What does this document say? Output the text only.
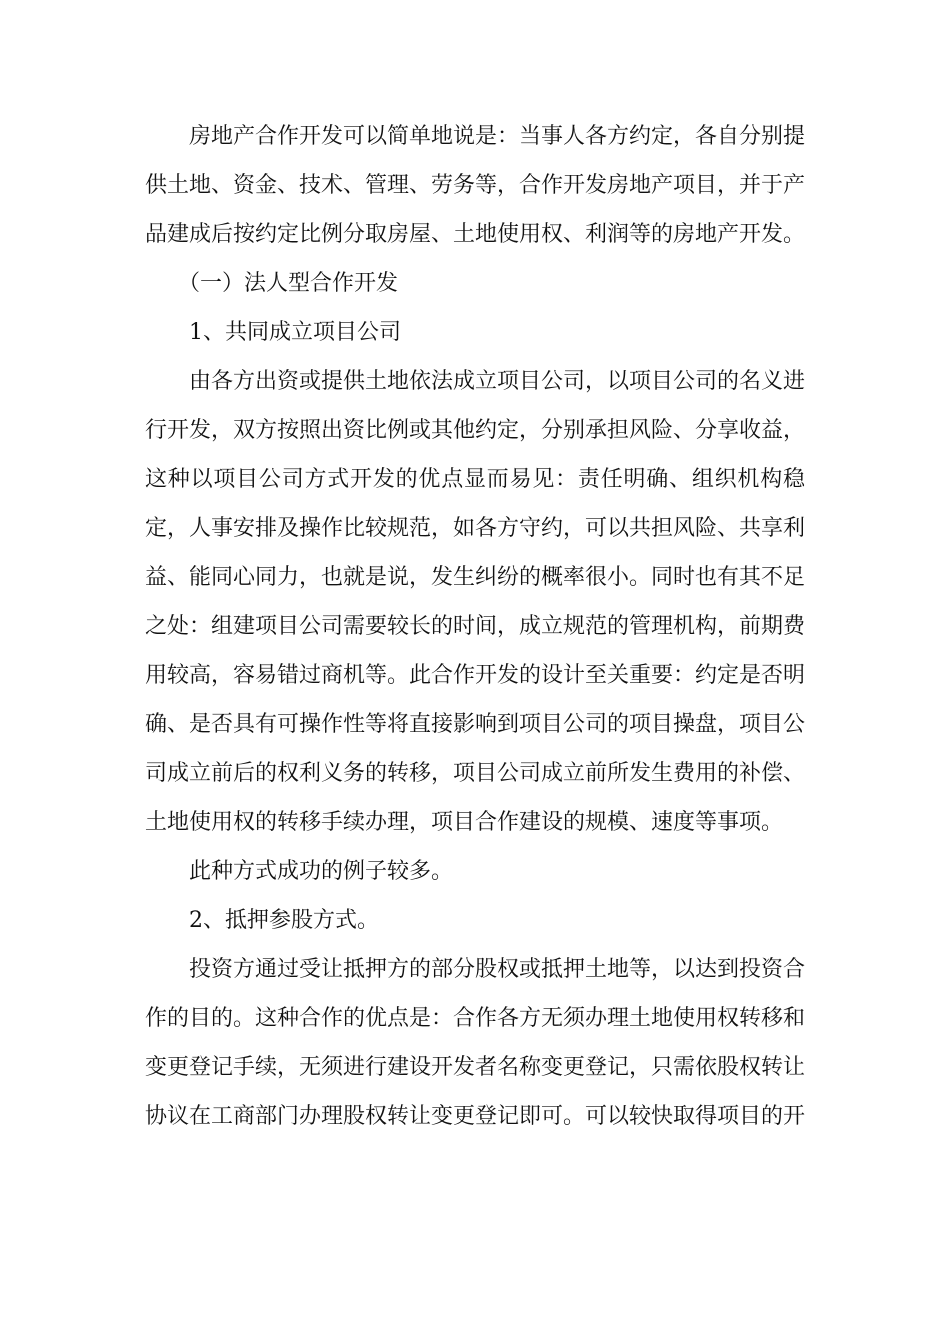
房地产合作开发可以简单地说是：当事人各方约定，各自分别提供土地、资金、技术、管理、劳务等，合作开发房地产项目，并于产品建成后按约定比例分取房屋、土地使用权、利润等的房地产开发。

（一）法人型合作开发

1、共同成立项目公司

由各方出资或提供土地依法成立项目公司，以项目公司的名义进行开发，双方按照出资比例或其他约定，分别承担风险、分享收益，这种以项目公司方式开发的优点显而易见：责任明确、组织机构稳定，人事安排及操作比较规范，如各方守约，可以共担风险、共享利益、能同心同力，也就是说，发生纠纷的概率很小。同时也有其不足之处：组建项目公司需要较长的时间，成立规范的管理机构，前期费用较高，容易错过商机等。此合作开发的设计至关重要：约定是否明确、是否具有可操作性等将直接影响到项目公司的项目操盘，项目公司成立前后的权利义务的转移，项目公司成立前所发生费用的补偿、土地使用权的转移手续办理，项目合作建设的规模、速度等事项。

此种方式成功的例子较多。

2、抵押参股方式。

投资方通过受让抵押方的部分股权或抵押土地等，以达到投资合作的目的。这种合作的优点是：合作各方无须办理土地使用权转移和变更登记手续，无须进行建设开发者名称变更登记，只需依股权转让协议在工商部门办理股权转让变更登记即可。可以较快取得项目的开
